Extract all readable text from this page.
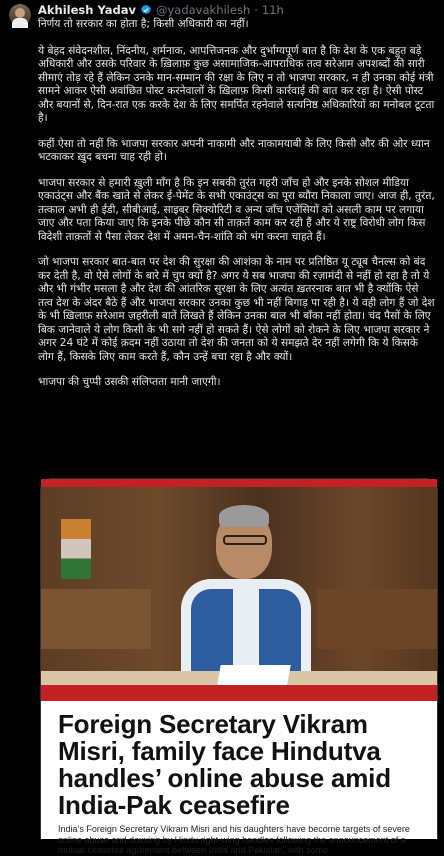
Akhilesh Yadav @yadavakhilesh · 11h

निर्णय तो सरकार का होता है; किसी अधिकारी का नहीं।

ये बेहद संवेदनशील, निंदनीय, शर्मनाक, आपत्तिजनक और दुर्भाग्यपूर्ण बात है कि देश के एक बहुत बड़े अधिकारी और उसके परिवार के ख़िलाफ़ कुछ असामाजिक-आपराधिक तत्व सरेआम अपशब्दों की सारी सीमाएं तोड़ रहे हैं लेकिन उनके मान-सम्मान की रक्षा के लिए न तो भाजपा सरकार, न ही उनका कोई मंत्री सामने आकर ऐसी अवांछित पोस्ट करनेवालों के ख़िलाफ़ किसी कार्रवाई की बात कर रहा है। ऐसी पोस्ट और बयानों से, दिन-रात एक करके देश के लिए समर्पित रहनेवाले सत्यनिष्ठ अधिकारियों का मनोबल टूटता है।

कहीं ऐसा तो नहीं कि भाजपा सरकार अपनी नाकामी और नाकामयाबी के लिए किसी और की ओर ध्यान भटकाकर ख़ुद बचना चाह रही हो।

भाजपा सरकार से हमारी ख़ुली माँग है कि इन सबकी तुरंत गहरी जाँच हो और इनके सोशल मीडिया एकाउंट्स और बैंक खाते से लेकर ई-पेमेंट के सभी एकाउंट्स का पूरा ब्यौरा निकाला जाए। आज ही, तुरंत, तत्काल अभी ही ईडी, सीबीआई, साइबर सिक्योरिटी व अन्य जाँच एजेंसियों को असली काम पर लगाया जाए और पता किया जाए कि इनके पीछे कौन सी ताक़तें काम कर रही हैं और ये राष्ट्र विरोधी लोग किस विदेशी ताक़तों से पैसा लेकर देश में अमन-चैन-शांति को भंग करना चाहते हैं।

जो भाजपा सरकार बात-बात पर देश की सुरक्षा की आशंका के नाम पर प्रतिष्ठित यू ट्यूब चैनल्स को बंद कर देती है, वो ऐसे लोगों के बारे में चुप क्यों है? अगर ये सब भाजपा की रज़ामंदी से नहीं हो रहा है तो ये और भी गंभीर मसला है और देश की आंतरिक सुरक्षा के लिए अत्यंत ख़तरनाक बात भी है क्योंकि ऐसे तत्व देश के अंदर बैठे हैं और भाजपा सरकार उनका कुछ भी नहीं बिगाड़ पा रही है। ये वही लोग हैं जो देश के भी ख़िलाफ़ सरेआम ज़हरीली बातें लिखते हैं लेकिन उनका बाल भी बाँका नहीं होता। चंद पैसों के लिए बिक जानेवाले ये लोग किसी के भी सगे नहीं हो सकते हैं। ऐसे लोगों को रोकने के लिए भाजपा सरकार ने अगर 24 घंटे में कोई क़दम नहीं उठाया तो देश की जनता को ये समझते देर नहीं लगेगी कि ये किसके लोग हैं, किसके लिए काम करते हैं, कौन उन्हें बचा रहा है और क्यों।

भाजपा की चुप्पी उसकी संलिप्तता मानी जाएगी।

Foreign Secretary Vikram Misri, family face Hindutva handles’ online abuse amid India-Pak ceasefire
India’s Foreign Secretary Vikram Misri and his daughters have become targets of severe online abuse and doxxing by Hindu right-wing handles following the announcement of a mutual ceasefire agreement between India and Pakistan, with some
